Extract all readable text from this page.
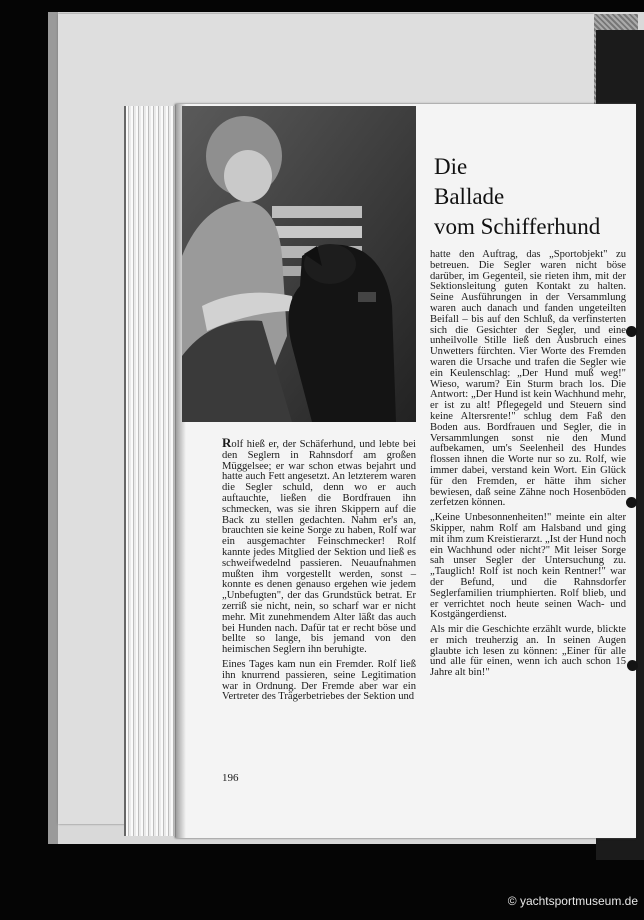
Die
Ballade
vom Schifferhund

Rolf hieß er, der Schäferhund, und lebte bei den Seglern in Rahnsdorf am großen Müggelsee; er war schon etwas bejahrt und hatte auch Fett angesetzt. An letzterem waren die Segler schuld, denn wo er auch auftauchte, ließen die Bordfrauen ihn schmecken, was sie ihren Skippern auf die Back zu stellen gedachten. Nahm er's an, brauchten sie keine Sorge zu haben, Rolf war ein ausgemachter Feinschmecker! Rolf kannte jedes Mitglied der Sektion und ließ es schweifwedelnd passieren. Neuaufnahmen mußten ihm vorgestellt werden, sonst – konnte es denen genauso ergehen wie jedem „Unbefugten", der das Grundstück betrat. Er zerriß sie nicht, nein, so scharf war er nicht mehr. Mit zunehmendem Alter läßt das auch bei Hunden nach. Dafür tat er recht böse und bellte so lange, bis jemand von den heimischen Seglern ihn beruhigte.

Eines Tages kam nun ein Fremder. Rolf ließ ihn knurrend passieren, seine Legitimation war in Ordnung. Der Fremde aber war ein Vertreter des Trägerbetriebes der Sektion und

hatte den Auftrag, das „Sportobjekt" zu betreuen. Die Segler waren nicht böse darüber, im Gegenteil, sie rieten ihm, mit der Sektionsleitung guten Kontakt zu halten. Seine Ausführungen in der Versammlung waren auch danach und fanden ungeteilten Beifall – bis auf den Schluß, da verfinsterten sich die Gesichter der Segler, und eine unheilvolle Stille ließ den Ausbruch eines Unwetters fürchten. Vier Worte des Fremden waren die Ursache und trafen die Segler wie ein Keulenschlag: „Der Hund muß weg!" Wieso, warum? Ein Sturm brach los. Die Antwort: „Der Hund ist kein Wachhund mehr, er ist zu alt! Pflegegeld und Steuern sind keine Altersrente!" schlug dem Faß den Boden aus. Bordfrauen und Segler, die in Versammlungen sonst nie den Mund aufbekamen, um's Seelenheil des Hundes flossen ihnen die Worte nur so zu. Rolf, wie immer dabei, verstand kein Wort. Ein Glück für den Fremden, er hätte ihm sicher bewiesen, daß seine Zähne noch Hosenböden zerfetzen können.

„Keine Unbesonnenheiten!" meinte ein alter Skipper, nahm Rolf am Halsband und ging mit ihm zum Kreistierarzt. „Ist der Hund noch ein Wachhund oder nicht?" Mit leiser Sorge sah unser Segler der Untersuchung zu. „Tauglich! Rolf ist noch kein Rentner!" war der Befund, und die Rahnsdorfer Seglerfamilien triumphierten. Rolf blieb, und er verrichtet noch heute seinen Wach- und Kostgängerdienst.

Als mir die Geschichte erzählt wurde, blickte er mich treuherzig an. In seinen Augen glaubte ich lesen zu können: „Einer für alle und alle für einen, wenn ich auch schon 15 Jahre alt bin!"

196
© yachtsportmuseum.de
